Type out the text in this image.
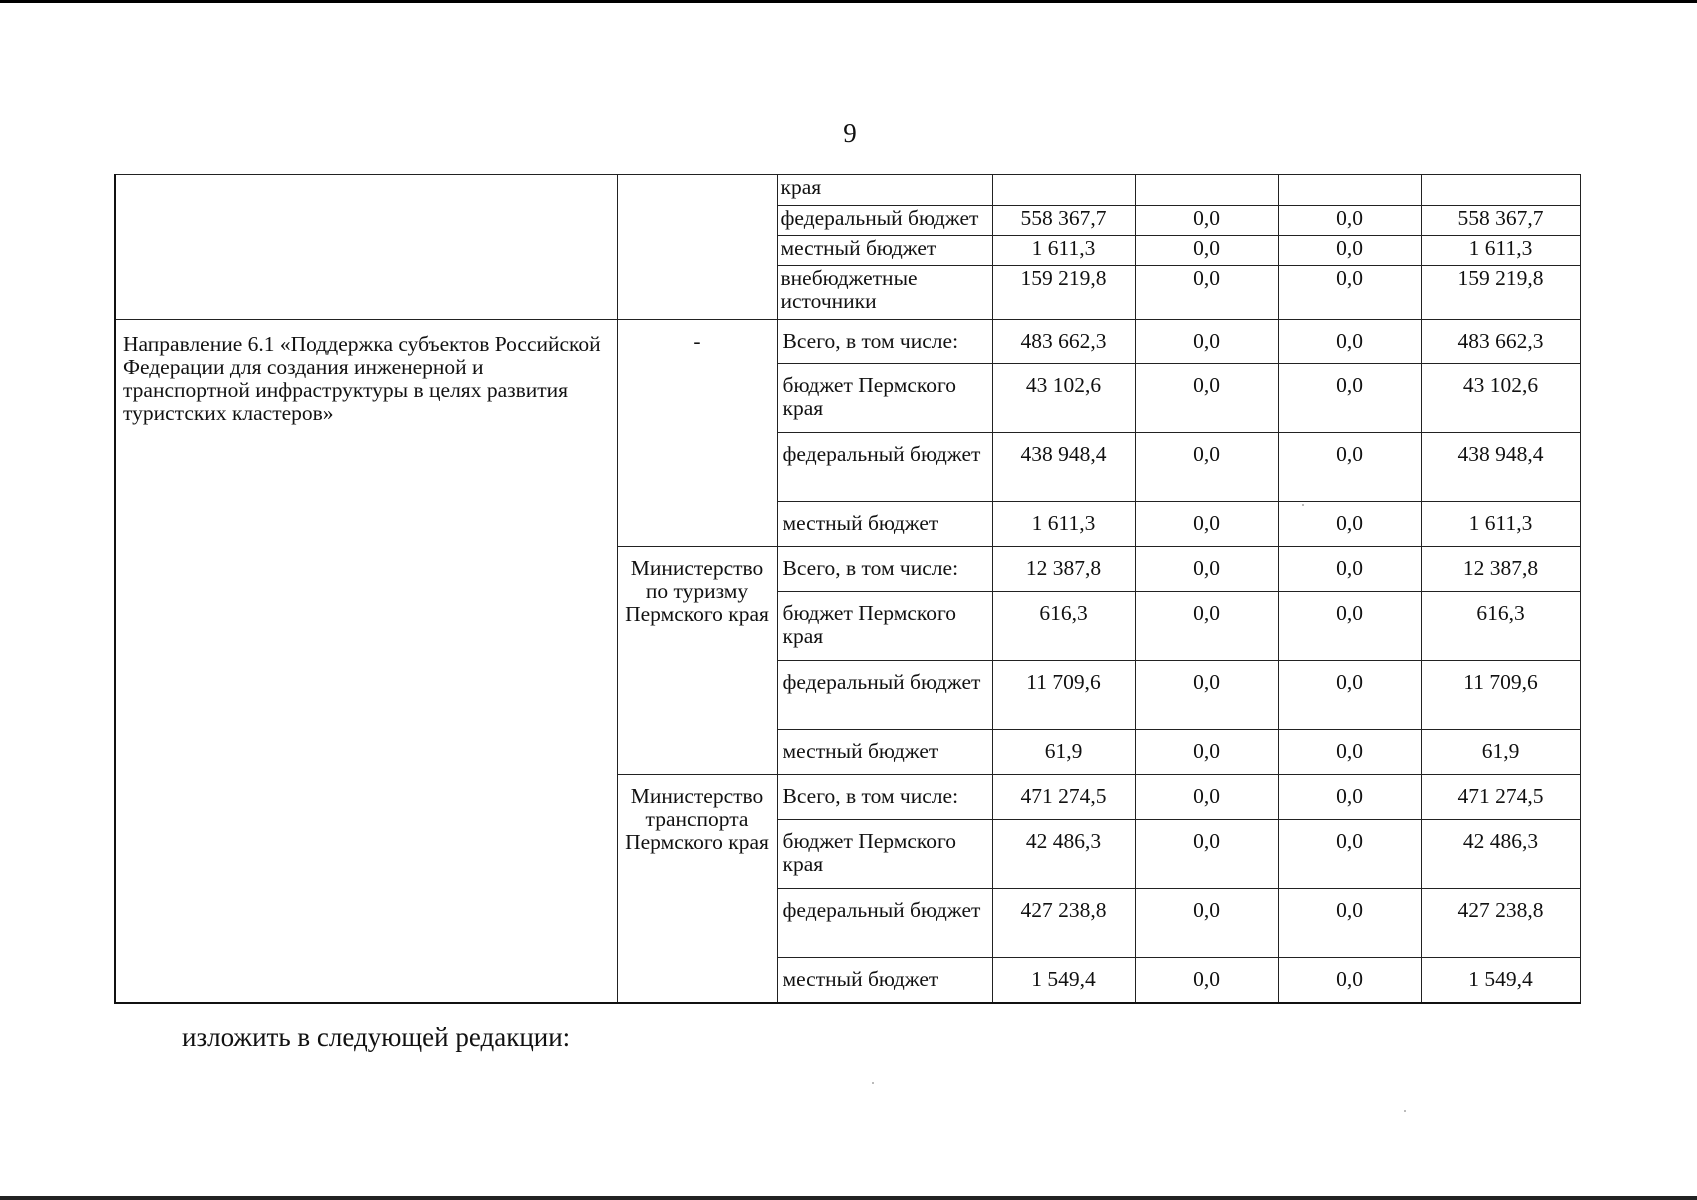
9
		края				
		федеральный бюджет	558 367,7	0,0	0,0	558 367,7
		местный бюджет	1 611,3	0,0	0,0	1 611,3
		внебюджетные источники	159 219,8	0,0	0,0	159 219,8
Направление 6.1 «Поддержка субъектов Российской Федерации для создания инженерной и транспортной инфраструктуры в целях развития туристских кластеров»	-	Всего, в том числе:	483 662,3	0,0	0,0	483 662,3
		бюджет Пермского края	43 102,6	0,0	0,0	43 102,6
		федеральный бюджет	438 948,4	0,0	0,0	438 948,4
		местный бюджет	1 611,3	0,0	0,0	1 611,3
	Министерство по туризму Пермского края	Всего, в том числе:	12 387,8	0,0	0,0	12 387,8
		бюджет Пермского края	616,3	0,0	0,0	616,3
		федеральный бюджет	11 709,6	0,0	0,0	11 709,6
		местный бюджет	61,9	0,0	0,0	61,9
	Министерство транспорта Пермского края	Всего, в том числе:	471 274,5	0,0	0,0	471 274,5
		бюджет Пермского края	42 486,3	0,0	0,0	42 486,3
		федеральный бюджет	427 238,8	0,0	0,0	427 238,8
		местный бюджет	1 549,4	0,0	0,0	1 549,4
изложить в следующей редакции:
